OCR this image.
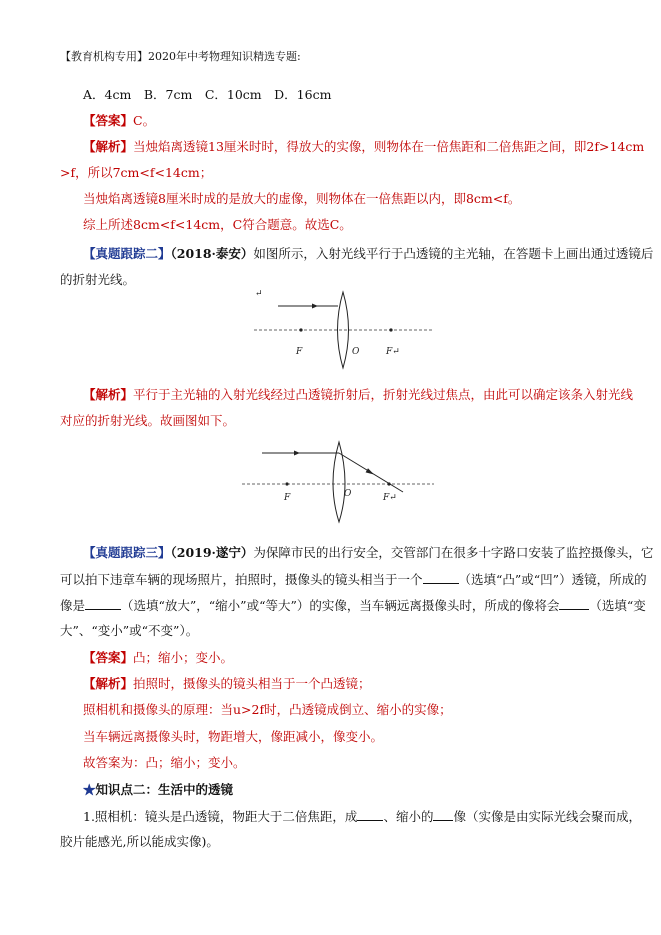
【教育机构专用】2020年中考物理知识精选专题:
A．4cm　B．7cm　C．10cm　D．16cm
【答案】C。
【解析】当烛焰离透镜13厘米时时，得放大的实像，则物体在一倍焦距和二倍焦距之间，即2f>14cm
>f，所以7cm<f<14cm；
当烛焰离透镜8厘米时成的是放大的虚像，则物体在一倍焦距以内，即8cm<f。
综上所述8cm<f<14cm，C符合题意。故选C。
【真题跟踪二】（2018·泰安）如图所示，入射光线平行于凸透镜的主光轴，在答题卡上画出通过透镜后
的折射光线。
↵
F	O	F↵
【解析】平行于主光轴的入射光线经过凸透镜折射后，折射光线过焦点，由此可以确定该条入射光线
对应的折射光线。故画图如下。
F	O	F↵
【真题跟踪三】（2019·遂宁）为保障市民的出行安全，交管部门在很多十字路口安装了监控摄像头，它
可以拍下违章车辆的现场照片，拍照时，摄像头的镜头相当于一个	（选填“凸”或“凹”）透镜，所成的
像是	（选填“放大”，“缩小”或“等大”）的实像，当车辆远离摄像头时，所成的像将会 （选填“变
大”、“变小”或“不变”）。
【答案】凸；缩小；变小。
【解析】拍照时，摄像头的镜头相当于一个凸透镜；
照相机和摄像头的原理：当u>2f时，凸透镜成倒立、缩小的实像；
当车辆远离摄像头时，物距增大，像距减小，像变小。
故答案为：凸；缩小；变小。
★知识点二：生活中的透镜
1.照相机：镜头是凸透镜，物距大于二倍焦距，成 、缩小的 像（实像是由实际光线会聚而成，
胶片能感光,所以能成实像)。
